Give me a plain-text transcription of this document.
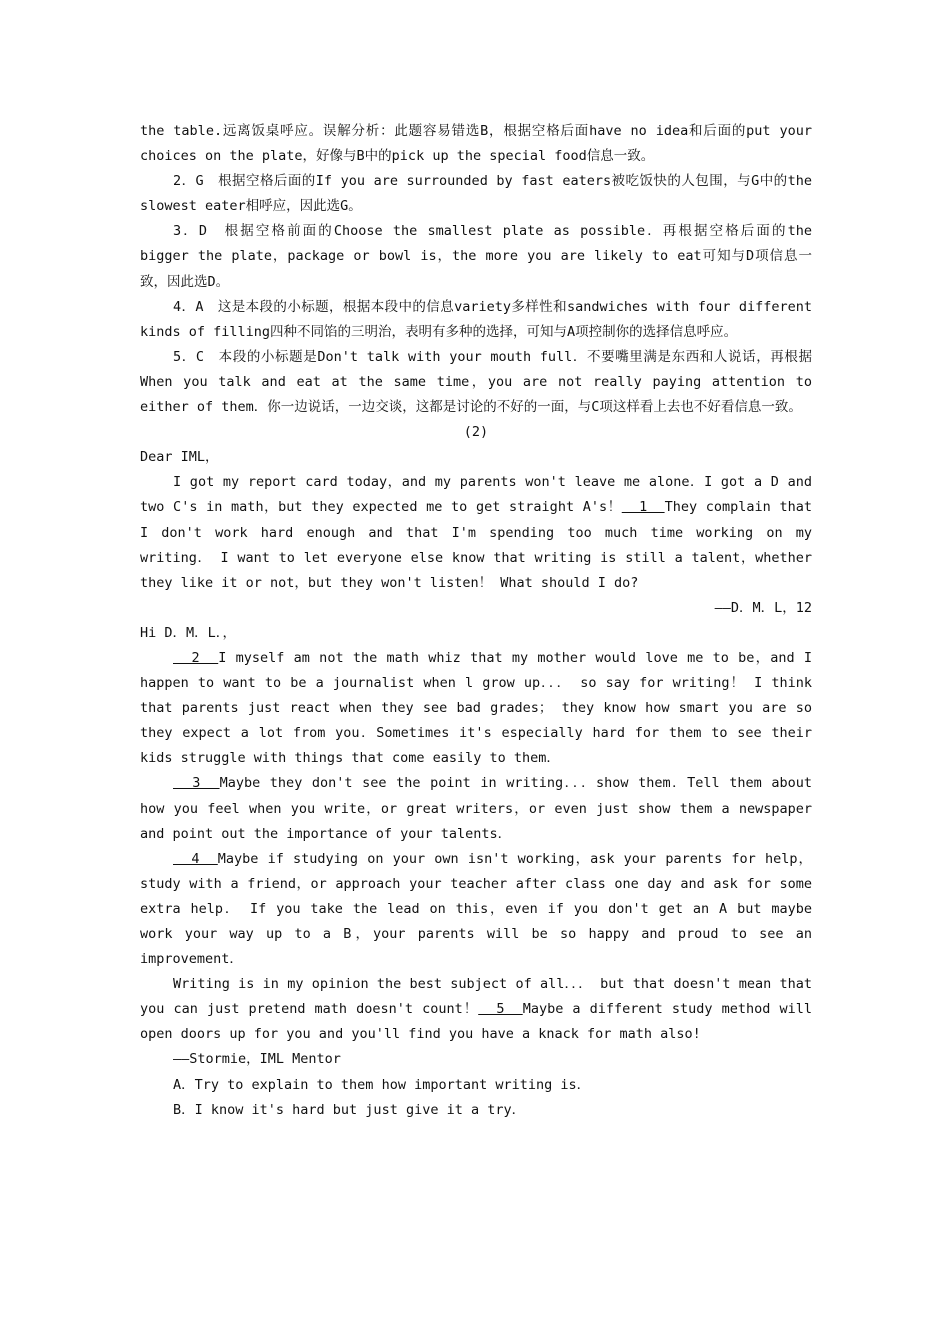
the table.远离饭桌呼应。误解分析：此题容易错选B，根据空格后面have no idea和后面的put your choices on the plate，好像与B中的pick up the special food信息一致。

2．G　根据空格后面的If you are surrounded by fast eaters被吃饭快的人包围，与G中的the slowest eater相呼应，因此选G。

3．D　根据空格前面的Choose the smallest plate as possible．再根据空格后面的the bigger the plate，package or bowl is，the more you are likely to eat可知与D项信息一致，因此选D。

4．A　这是本段的小标题，根据本段中的信息variety多样性和sandwiches with four different kinds of filling四种不同馅的三明治，表明有多种的选择，可知与A项控制你的选择信息呼应。

5．C　本段的小标题是Don't talk with your mouth full．不要嘴里满是东西和人说话，再根据When you talk and eat at the same time，you are not really paying attention to either of them．你一边说话，一边交谈，这都是讨论的不好的一面，与C项这样看上去也不好看信息一致。

(2)

Dear IML，

I got my report card today，and my parents won't leave me alone．I got a D and two C's in math，but they expected me to get straight A's！  1  They complain that I don't work hard enough and that I'm spending too much time working on my writing． I want to let everyone else know that writing is still a talent，whether they like it or not，but they won't listen！ What should I do?

——D．M．L，12

Hi D．M．L．，

2  I myself am not the math whiz that my mother would love me to be，and I happen to want to be a journalist when l grow up．．． so say for writing！ I think that parents just react when they see bad grades； they know how smart you are so they expect a lot from you．Sometimes it's especially hard for them to see their kids struggle with things that come easily to them．

3  Maybe they don't see the point in writing．．．show them．Tell them about how you feel when you write，or great writers，or even just show them a newspaper and point out the importance of your talents．

4  Maybe if studying on your own isn't working，ask your parents for help，study with a friend，or approach your teacher after class one day and ask for some extra help． If you take the lead on this，even if you don't get an A but maybe work your way up to a B，your parents will be so happy and proud to see an improvement．

Writing is in my opinion the best subject of all．．． but that doesn't mean that you can just pretend math doesn't count！  5  Maybe a different study method will open doors up for you and you'll find you have a knack for math also!

——Stormie，IML Mentor

A．Try to explain to them how important writing is．

B．I know it's hard but just give it a try．
